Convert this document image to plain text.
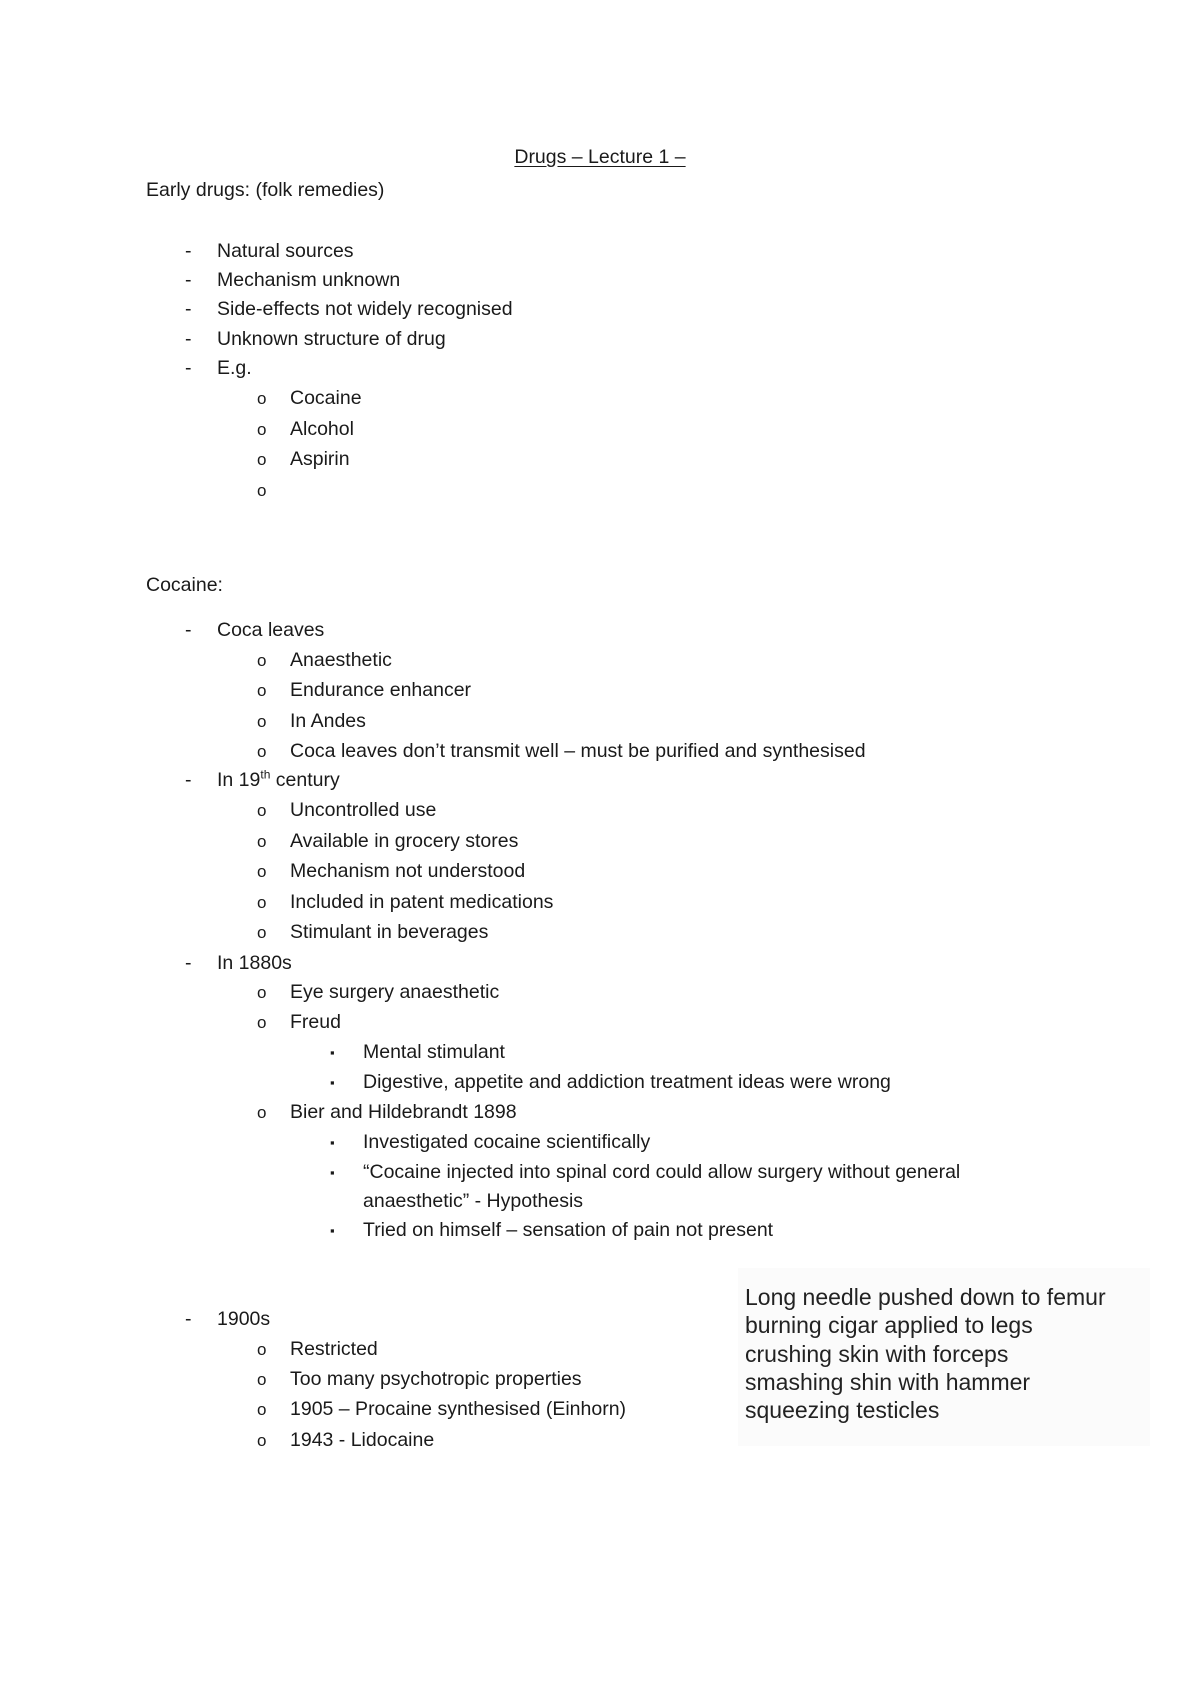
Drugs – Lecture 1 –
Early drugs: (folk remedies)
- Natural sources
- Mechanism unknown
- Side-effects not widely recognised
- Unknown structure of drug
- E.g.
o Cocaine
o Alcohol
o Aspirin
o
Cocaine:
- Coca leaves
o Anaesthetic
o Endurance enhancer
o In Andes
o Coca leaves don’t transmit well – must be purified and synthesised
- In 19th century
o Uncontrolled use
o Available in grocery stores
o Mechanism not understood
o Included in patent medications
o Stimulant in beverages
- In 1880s
o Eye surgery anaesthetic
o Freud
▪ Mental stimulant
▪ Digestive, appetite and addiction treatment ideas were wrong
o Bier and Hildebrandt 1898
▪ Investigated cocaine scientifically
▪ “Cocaine injected into spinal cord could allow surgery without general
anaesthetic” - Hypothesis
▪ Tried on himself – sensation of pain not present
- 1900s
o Restricted
o Too many psychotropic properties
o 1905 – Procaine synthesised (Einhorn)
o 1943 - Lidocaine
Long needle pushed down to femur
burning cigar applied to legs
crushing skin with forceps
smashing shin with hammer
squeezing testicles
